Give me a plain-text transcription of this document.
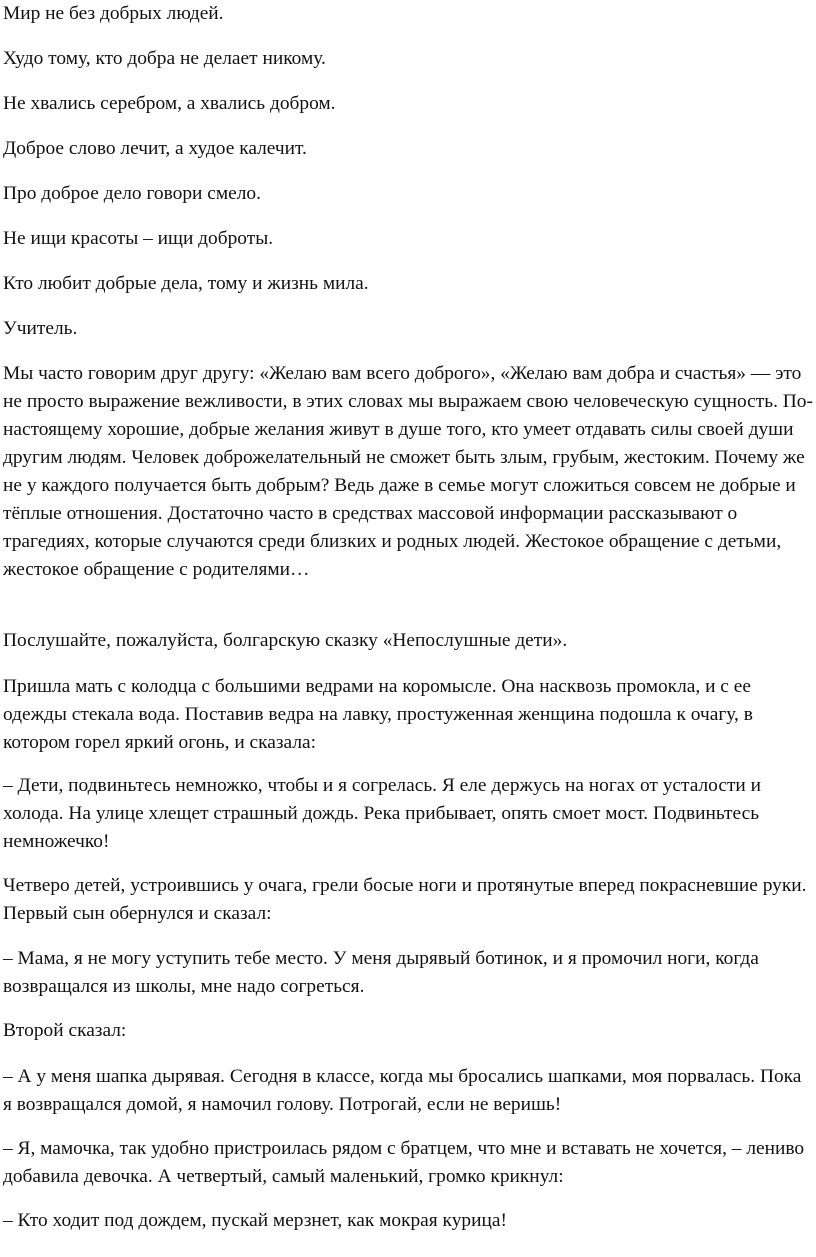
Мир не без добрых людей.

Худо тому, кто добра не делает никому.

Не хвались серебром, а хвались добром.

Доброе слово лечит, а худое калечит.

Про доброе дело говори смело.

Не ищи красоты – ищи доброты.

Кто любит добрые дела, тому и жизнь мила.

Учитель.

Мы часто говорим друг другу: «Желаю вам всего доброго», «Желаю вам добра и счастья» — это не просто выражение вежливости, в этих словах мы выражаем свою человеческую сущность. По-настоящему хорошие, добрые желания живут в душе того, кто умеет отдавать силы своей души другим людям. Человек доброжелательный не сможет быть злым, грубым, жестоким. Почему же не у каждого получается быть добрым? Ведь даже в семье могут сложиться совсем не добрые и тёплые отношения. Достаточно часто в средствах массовой информации рассказывают о трагедиях, которые случаются среди близких и родных людей. Жестокое обращение с детьми, жестокое обращение с родителями…

Послушайте, пожалуйста, болгарскую сказку «Непослушные дети».

Пришла мать с колодца с большими ведрами на коромысле. Она насквозь промокла, и с ее одежды стекала вода. Поставив ведра на лавку, простуженная женщина подошла к очагу, в котором горел яркий огонь, и сказала:

– Дети, подвиньтесь немножко, чтобы и я согрелась. Я еле держусь на ногах от усталости и холода. На улице хлещет страшный дождь. Река прибывает, опять смоет мост. Подвиньтесь немножечко!

Четверо детей, устроившись у очага, грели босые ноги и протянутые вперед покрасневшие руки. Первый сын обернулся и сказал:

– Мама, я не могу уступить тебе место. У меня дырявый ботинок, и я промочил ноги, когда возвращался из школы, мне надо согреться.

Второй сказал:

– А у меня шапка дырявая. Сегодня в классе, когда мы бросались шапками, моя порвалась. Пока я возвращался домой, я намочил голову. Потрогай, если не веришь!

– Я, мамочка, так удобно пристроилась рядом с братцем, что мне и вставать не хочется, – лениво добавила девочка. А четвертый, самый маленький, громко крикнул:

– Кто ходит под дождем, пускай мерзнет, как мокрая курица!
